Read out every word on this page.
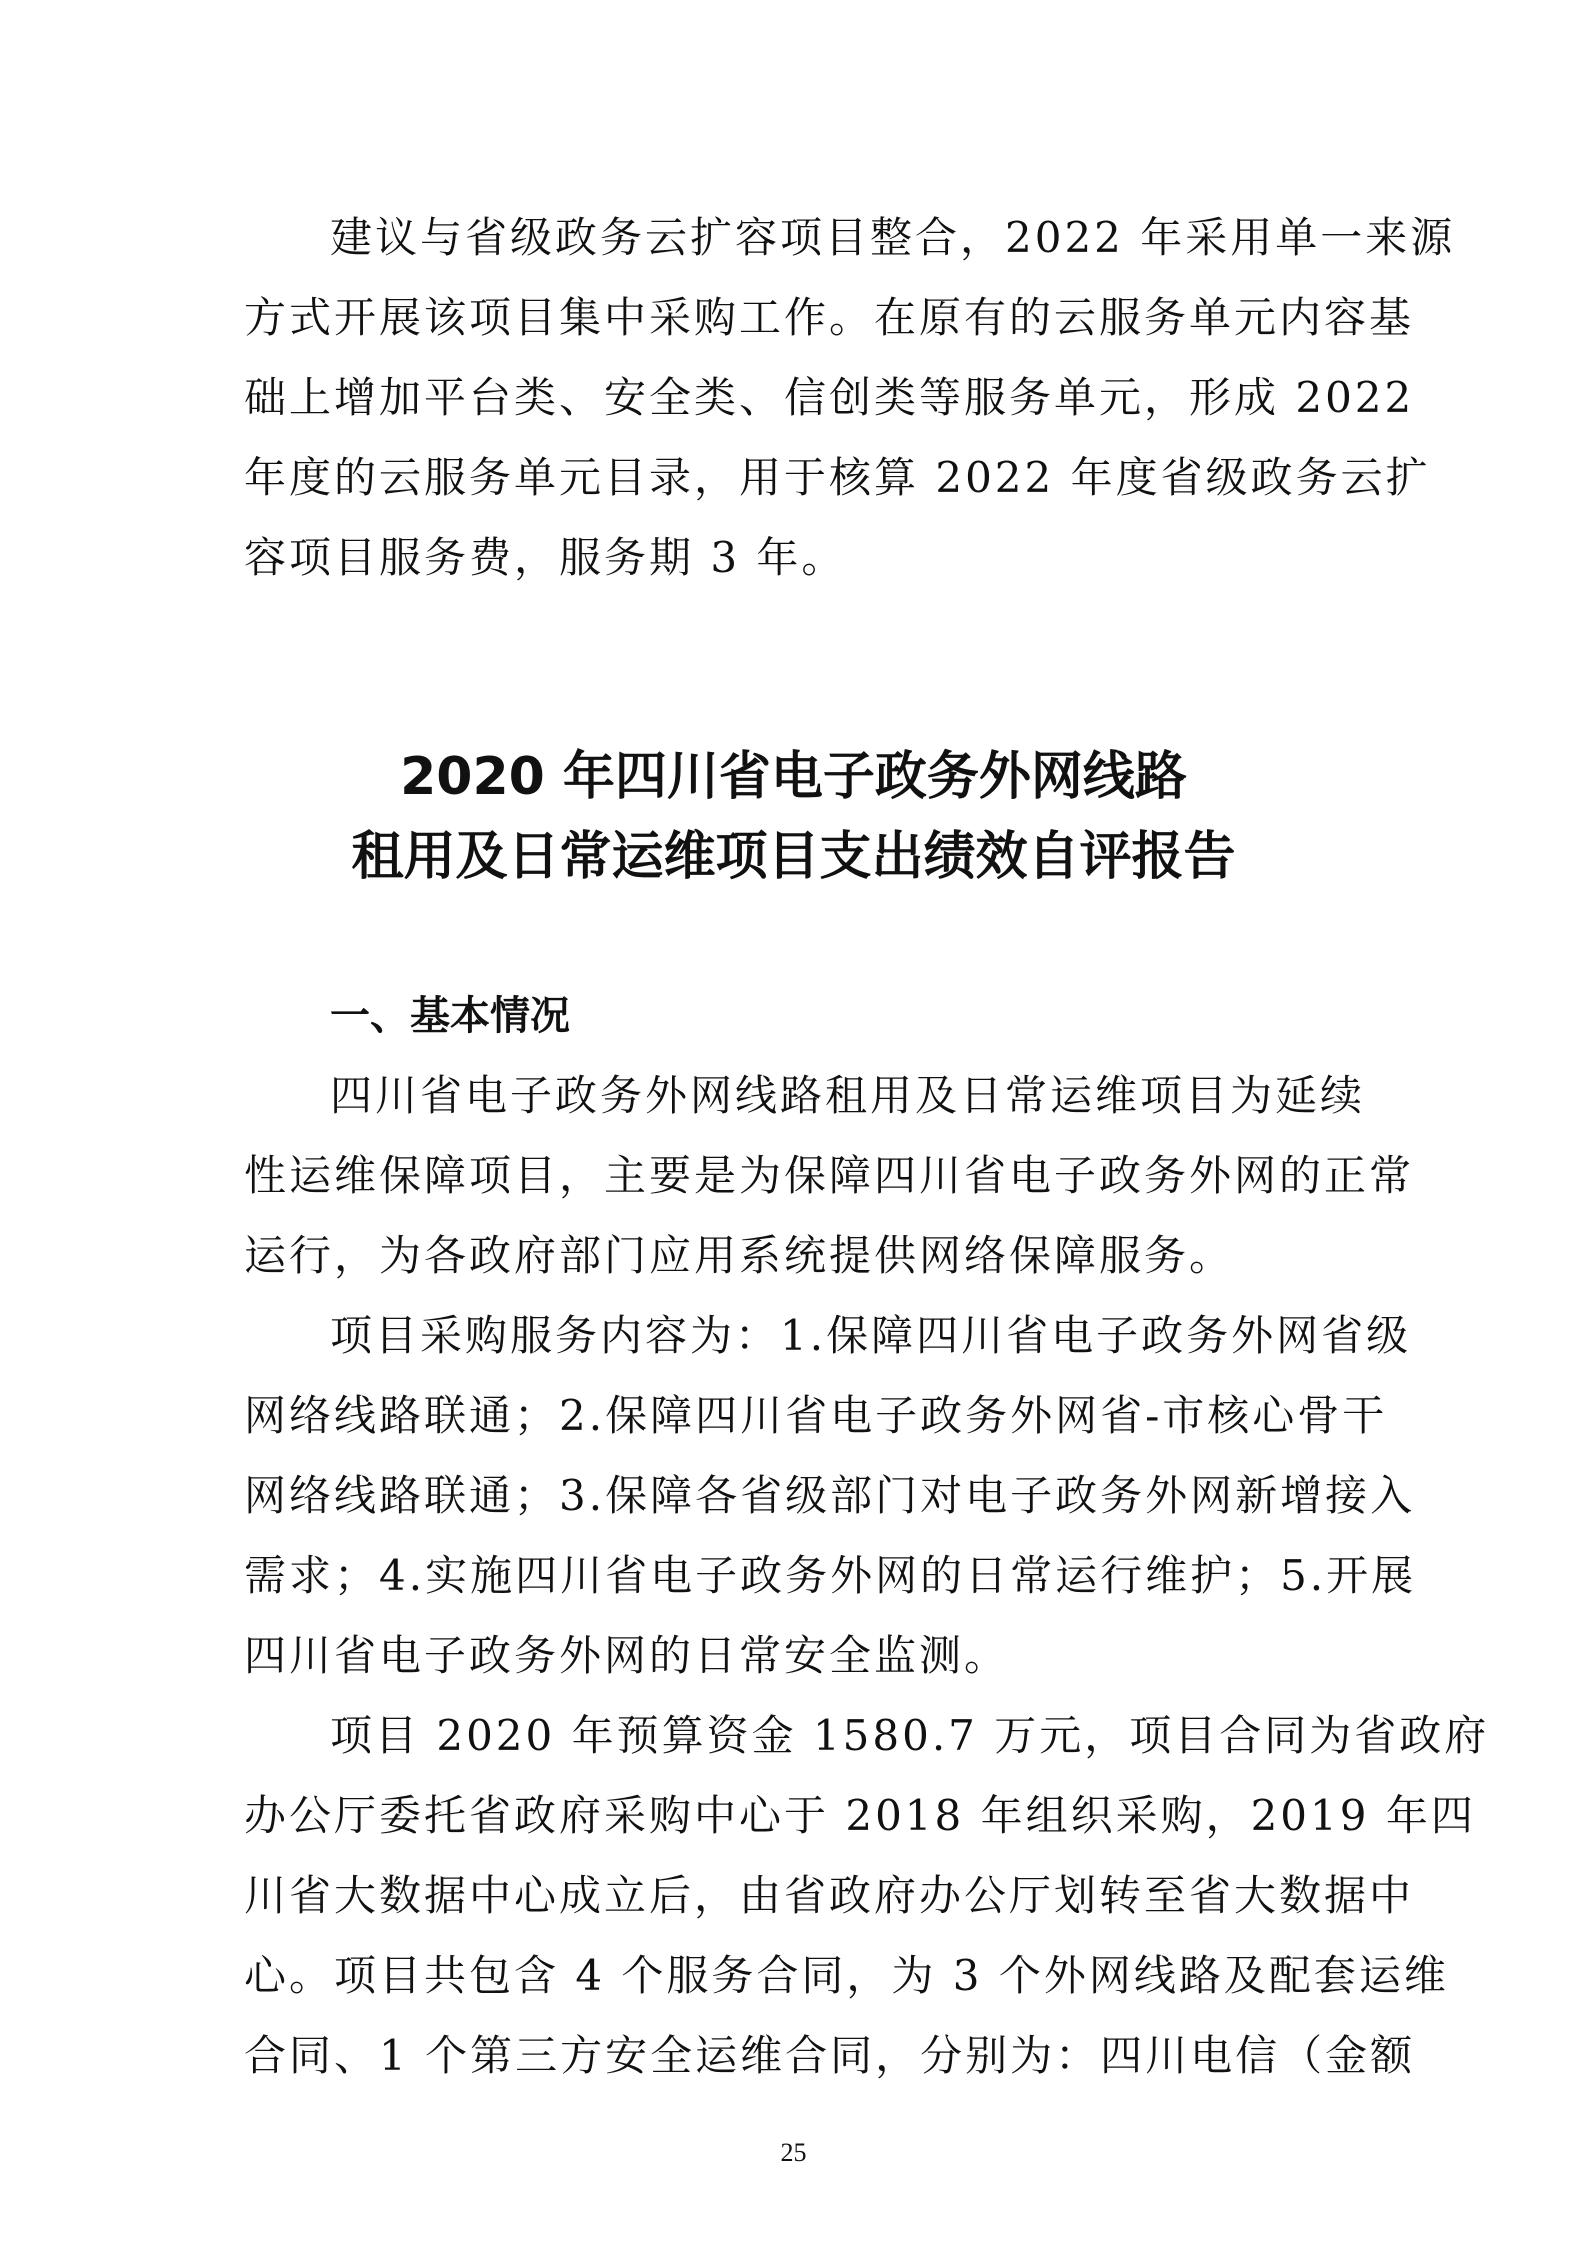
建议与省级政务云扩容项目整合，2022 年采用单一来源
方式开展该项目集中采购工作。在原有的云服务单元内容基
础上增加平台类、安全类、信创类等服务单元，形成 2022
年度的云服务单元目录，用于核算 2022 年度省级政务云扩
容项目服务费，服务期 3 年。
2020 年四川省电子政务外网线路
租用及日常运维项目支出绩效自评报告
一、基本情况
四川省电子政务外网线路租用及日常运维项目为延续
性运维保障项目，主要是为保障四川省电子政务外网的正常
运行，为各政府部门应用系统提供网络保障服务。
项目采购服务内容为：1.保障四川省电子政务外网省级
网络线路联通；2.保障四川省电子政务外网省-市核心骨干
网络线路联通；3.保障各省级部门对电子政务外网新增接入
需求；4.实施四川省电子政务外网的日常运行维护；5.开展
四川省电子政务外网的日常安全监测。
项目 2020 年预算资金 1580.7 万元，项目合同为省政府
办公厅委托省政府采购中心于 2018 年组织采购，2019 年四
川省大数据中心成立后，由省政府办公厅划转至省大数据中
心。项目共包含 4 个服务合同，为 3 个外网线路及配套运维
合同、1 个第三方安全运维合同，分别为：四川电信（金额
25
